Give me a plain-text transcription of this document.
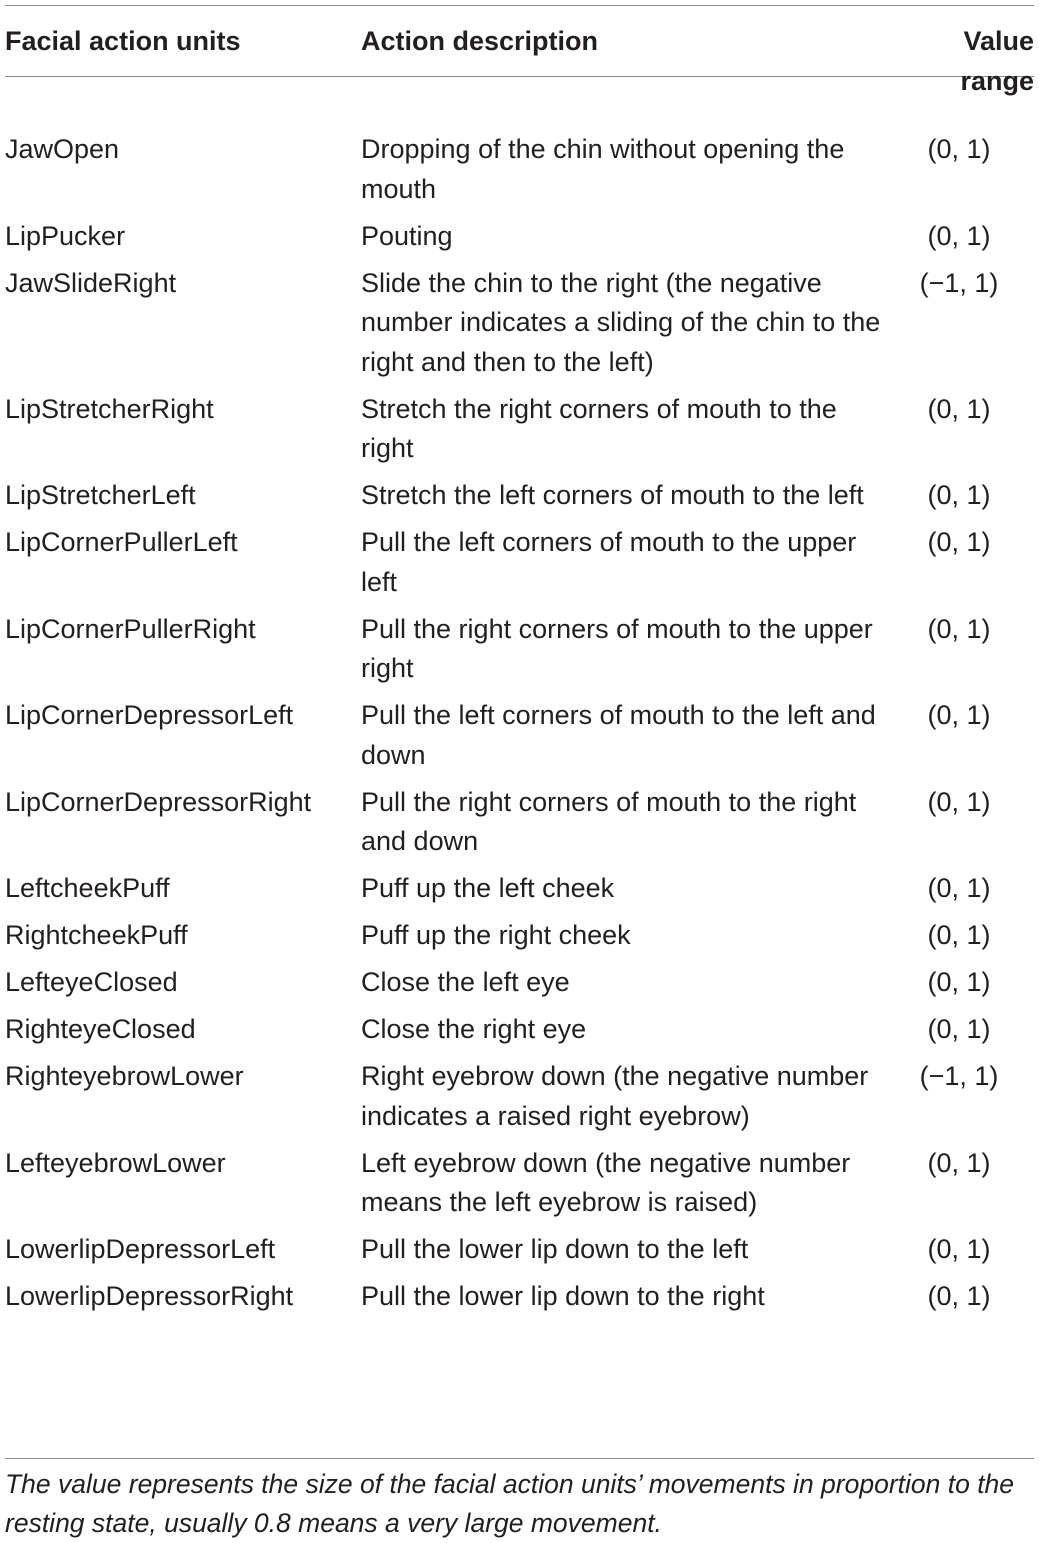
Facial action units	Action description	Value range
JawOpen	Dropping of the chin without opening the mouth	(0, 1)
LipPucker	Pouting	(0, 1)
JawSlideRight	Slide the chin to the right (the negative number indicates a sliding of the chin to the right and then to the left)	(−1, 1)
LipStretcherRight	Stretch the right corners of mouth to the right	(0, 1)
LipStretcherLeft	Stretch the left corners of mouth to the left	(0, 1)
LipCornerPullerLeft	Pull the left corners of mouth to the upper left	(0, 1)
LipCornerPullerRight	Pull the right corners of mouth to the upper right	(0, 1)
LipCornerDepressorLeft	Pull the left corners of mouth to the left and down	(0, 1)
LipCornerDepressorRight	Pull the right corners of mouth to the right and down	(0, 1)
LeftcheekPuff	Puff up the left cheek	(0, 1)
RightcheekPuff	Puff up the right cheek	(0, 1)
LefteyeClosed	Close the left eye	(0, 1)
RighteyeClosed	Close the right eye	(0, 1)
RighteyebrowLower	Right eyebrow down (the negative number indicates a raised right eyebrow)	(−1, 1)
LefteyebrowLower	Left eyebrow down (the negative number means the left eyebrow is raised)	(0, 1)
LowerlipDepressorLeft	Pull the lower lip down to the left	(0, 1)
LowerlipDepressorRight	Pull the lower lip down to the right	(0, 1)
The value represents the size of the facial action units’ movements in proportion to the resting state, usually 0.8 means a very large movement.
